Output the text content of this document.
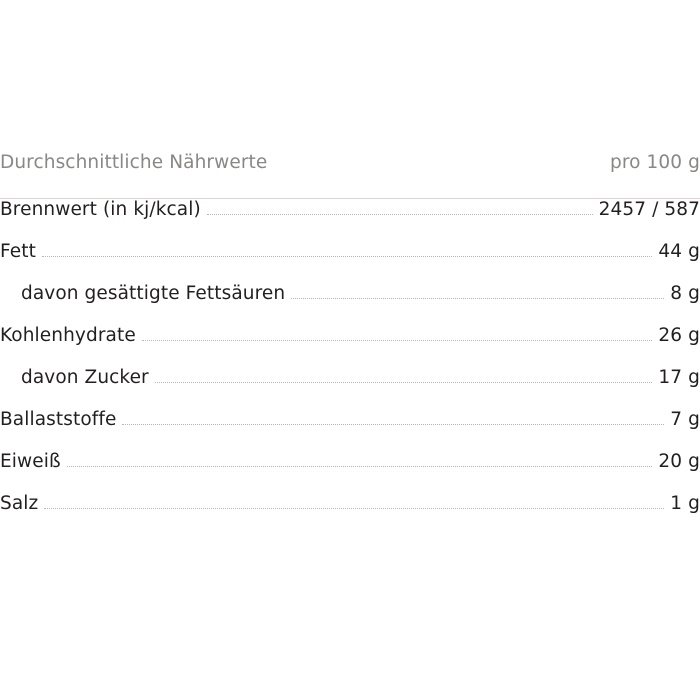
Durchschnittliche Nährwerte	pro 100 g
Brennwert (in kj/kcal)	2457 / 587
Fett	44 g
davon gesättigte Fettsäuren	8 g
Kohlenhydrate	26 g
davon Zucker	17 g
Ballaststoffe	7 g
Eiweiß	20 g
Salz	1 g
